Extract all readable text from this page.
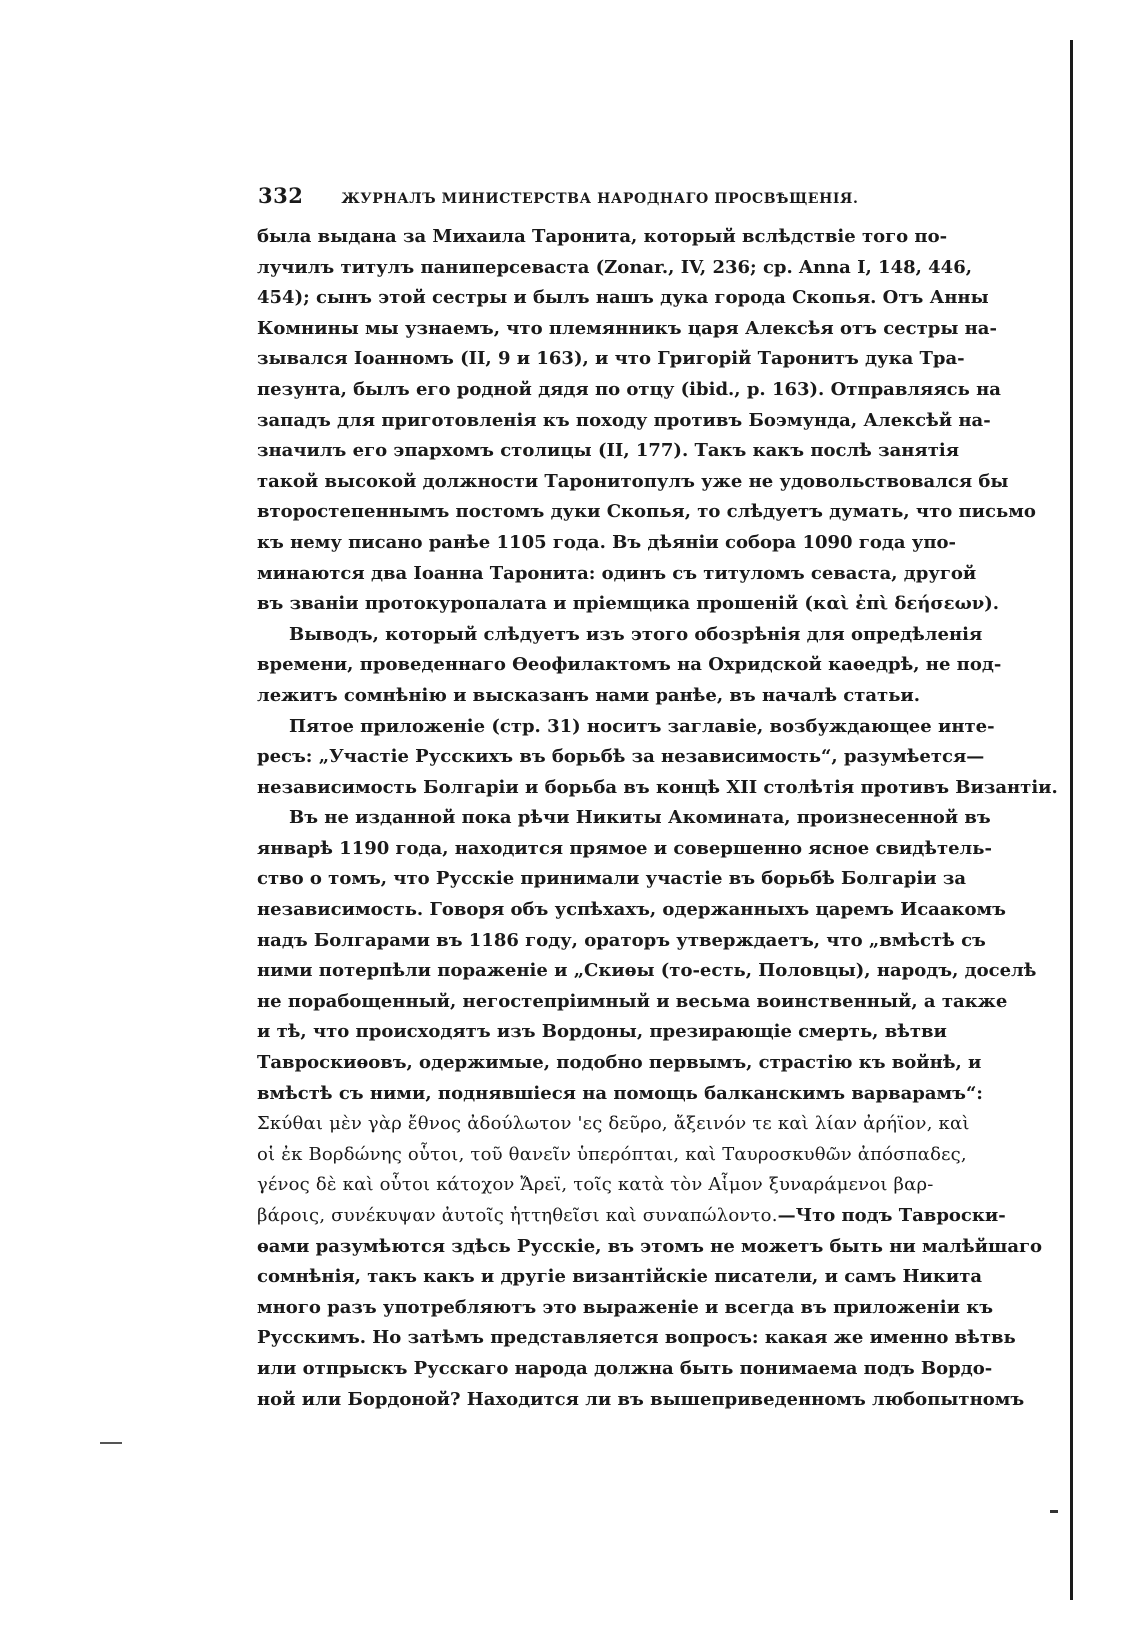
332	ЖУРНАЛЪ МИНИСТЕРСТВА НАРОДНАГО ПРОСВѢЩЕНІЯ.

была выдана за Михаила Таронита, который вслѣдствіе того по-
лучилъ титулъ паниперсеваста (Zonar., IV, 236; ср. Anna I, 148, 446,
454); сынъ этой сестры и былъ нашъ дука города Скопья. Отъ Анны
Комнины мы узнаемъ, что племянникъ царя Алексѣя отъ сестры на-
зывался Іоанномъ (II, 9 и 163), и что Григорій Таронитъ дука Тра-
пезунта, былъ его родной дядя по отцу (ibid., p. 163). Отправляясь на
западъ для приготовленія къ походу противъ Боэмунда, Алексѣй на-
значилъ его эпархомъ столицы (II, 177). Такъ какъ послѣ занятія
такой высокой должности Таронитопулъ уже не удовольствовался бы
второстепеннымъ постомъ дуки Скопья, то слѣдуетъ думать, что письмо
къ нему писано ранѣе 1105 года. Въ дѣяніи собора 1090 года упо-
минаются два Іоанна Таронита: одинъ съ титуломъ севаста, другой
въ званіи протокуропалата и пріемщика прошеній (καὶ ἐπὶ δεήσεων).

Выводъ, который слѣдуетъ изъ этого обозрѣнія для опредѣленія
времени, проведеннаго Ѳеофилактомъ на Охридской каѳедрѣ, не под-
лежитъ сомнѣнію и высказанъ нами ранѣе, въ началѣ статьи.

Пятое приложеніе (стр. 31) носитъ заглавіе, возбуждающее инте-
ресъ: „Участіе Русскихъ въ борьбѣ за независимость“, разумѣется—
независимость Болгаріи и борьба въ концѣ XII столѣтія противъ Византіи.

Въ не изданной пока рѣчи Никиты Акомината, произнесенной въ
январѣ 1190 года, находится прямое и совершенно ясное свидѣтель-
ство о томъ, что Русскіе принимали участіе въ борьбѣ Болгаріи за
независимость. Говоря объ успѣхахъ, одержанныхъ царемъ Исаакомъ
надъ Болгарами въ 1186 году, ораторъ утверждаетъ, что „вмѣстѣ съ
ними потерпѣли пораженіе и „Скиѳы (то-есть, Половцы), народъ, доселѣ
не порабощенный, негостепріимный и весьма воинственный, а также
и тѣ, что происходятъ изъ Вордоны, презирающіе смерть, вѣтви
Тавроскиѳовъ, одержимые, подобно первымъ, страстію къ войнѣ, и
вмѣстѣ съ ними, поднявшіеся на помощь балканскимъ варварамъ“:

Σκύθαι μὲν γὰρ ἔθνος ἀδούλωτον 'ες δεῦρο, ἄξεινόν τε καὶ λίαν ἀρήϊον, καὶ
οἱ ἐκ Βορδώνης οὗτοι, τοῦ θανεῖν ὑπερόπται, καὶ Ταυροσκυθῶν ἀπόσπαδες,
γένος δὲ καὶ οὗτοι κάτοχον Ἄρεϊ, τοῖς κατὰ τὸν Αἷμον ξυναράμενοι βαρ-

βάροις, συνέκυψαν ἀυτοῖς ἡττηθεῖσι καὶ συναπώλοντο.—Что подъ Тавроски-
ѳами разумѣются здѣсь Русскіе, въ этомъ не можетъ быть ни малѣйшаго
сомнѣнія, такъ какъ и другіе византійскіе писатели, и самъ Никита
много разъ употребляютъ это выраженіе и всегда въ приложеніи къ
Русскимъ. Но затѣмъ представляется вопросъ: какая же именно вѣтвь
или отпрыскъ Русскаго народа должна быть понимаема подъ Вордо-
ной или Бордоной? Находится ли въ вышеприведенномъ любопытномъ
